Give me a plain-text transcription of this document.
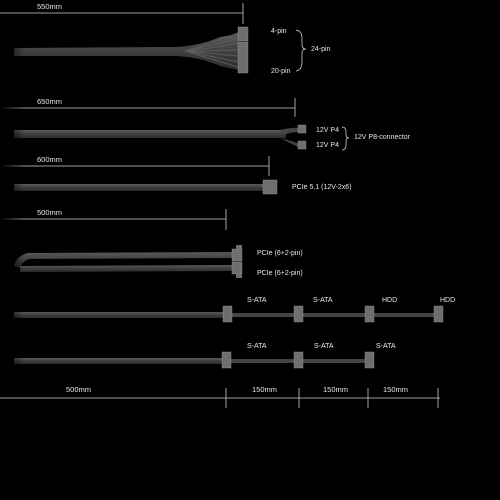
550mm
4-pin
20-pin
24-pin
650mm
12V P4
12V P4
12V P8-connector
600mm
PCIe 5.1 (12V-2x6)
500mm
PCIe (6+2-pin)
PCIe (6+2-pin)
S-ATA	S-ATA	HDD	HDD
S-ATA	S-ATA	S-ATA
500mm	150mm	150mm	150mm
